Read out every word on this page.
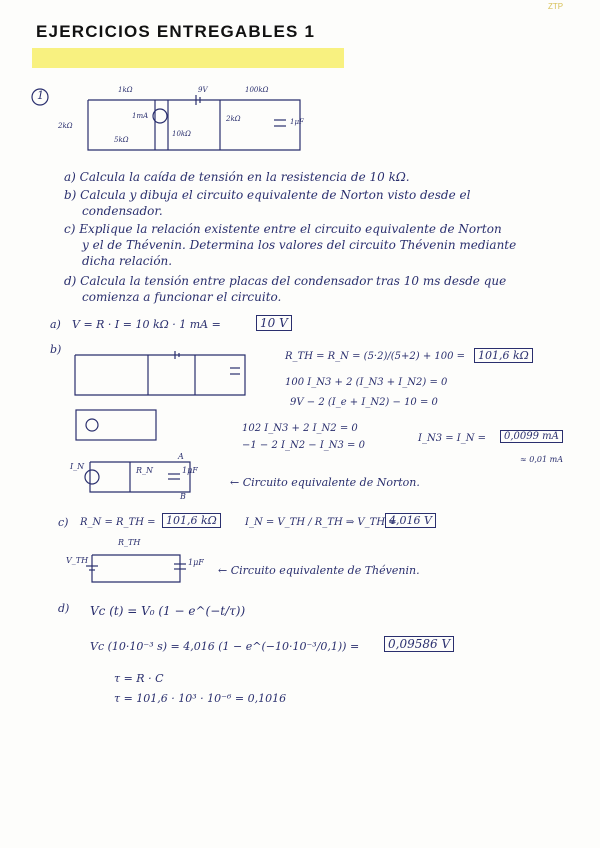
EJERCICIOS ENTREGABLES 1
ZTP
1	1kΩ	9V	100kΩ
2kΩ
1mA
10kΩ
2kΩ
5kΩ
1μF
a) Calcula la caída de tensión en la resistencia de 10 kΩ.
b) Calcula y dibuja el circuito equivalente de Norton visto desde el
condensador.
c) Explique la relación existente entre el circuito equivalente de Norton
y el de Thévenin. Determina los valores del circuito Thévenin mediante
dicha relación.
d) Calcula la tensión entre placas del condensador tras 10 ms desde que
comienza a funcionar el circuito.
a) V = R · I = 10 kΩ · 1 mA =	10 V
b)
R_TH = R_N = (5·2)/(5+2) + 100 =	101,6 kΩ
100 I_N3 + 2 (I_N3 + I_N2) = 0
9V − 2 (I_e + I_N2) − 10 = 0
102 I_N3 + 2 I_N2 = 0
−1 − 2 I_N2 − I_N3 = 0
I_N3 = I_N =	0,0099 mA
≈ 0,01 mA
I_N	R_N	1μF
A
B
← Circuito equivalente de Norton.
c) R_N = R_TH = 101,6 kΩ	I_N = V_TH / R_TH ⇒ V_TH =
4,016 V
V_TH
R_TH
1μF
← Circuito equivalente de Thévenin.
d) Vc (t) = V₀ (1 − e^(−t/τ))
Vc (10·10⁻³ s) = 4,016 (1 − e^(−10·10⁻³/0,1)) =	0,09586 V
τ = R · C
τ = 101,6 · 10³ · 10⁻⁶ = 0,1016
